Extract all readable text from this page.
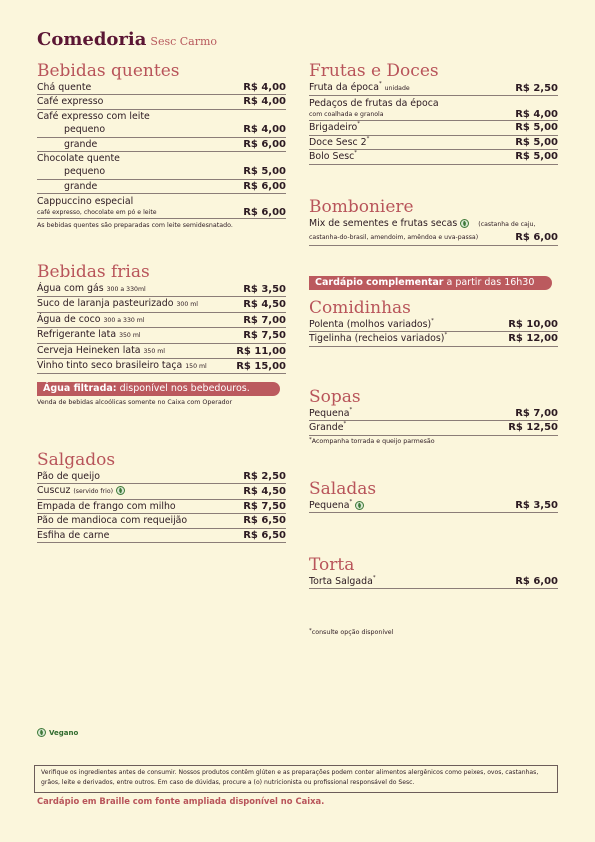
Comedoria Sesc Carmo
Bebidas quentes
Chá quente	R$ 4,00
Café expresso	R$ 4,00
Café expresso com leite
pequeno	R$ 4,00
grande	R$ 6,00
Chocolate quente
pequeno	R$ 5,00
grande	R$ 6,00
Cappuccino especial
café expresso, chocolate em pó e leite	R$ 6,00
As bebidas quentes são preparadas com leite semidesnatado.
Bebidas frias
Água com gás 300 a 330ml	R$ 3,50
Suco de laranja pasteurizado 300 ml	R$ 4,50
Água de coco 300 a 330 ml	R$ 7,00
Refrigerante lata 350 ml	R$ 7,50
Cerveja Heineken lata 350 ml	R$ 11,00
Vinho tinto seco brasileiro taça 150 ml	R$ 15,00
Água filtrada: disponível nos bebedouros.
Venda de bebidas alcoólicas somente no Caixa com Operador
Salgados
Pão de queijo	R$ 2,50
Cuscuz (servido frio)	R$ 4,50
Empada de frango com milho	R$ 7,50
Pão de mandioca com requeijão	R$ 6,50
Esfiha de carne	R$ 6,50
Frutas e Doces
Fruta da época* unidade	R$ 2,50
Pedaços de frutas da época
com coalhada e granola	R$ 4,00
Brigadeiro*	R$ 5,00
Doce Sesc 2*	R$ 5,00
Bolo Sesc*	R$ 5,00
Bomboniere
Mix de sementes e frutas secas	(castanha de caju,
castanha-do-brasil, amendoim, amêndoa e uva-passa)	R$ 6,00
Cardápio complementar a partir das 16h30
Comidinhas
Polenta (molhos variados)*	R$ 10,00
Tigelinha (recheios variados)*	R$ 12,00
Sopas
Pequena*	R$ 7,00
Grande*	R$ 12,50
*Acompanha torrada e queijo parmesão
Saladas
Pequena*	R$ 3,50
Torta
Torta Salgada*	R$ 6,00
*consulte opção disponível
Vegano
Verifique os ingredientes antes de consumir. Nossos produtos contêm glúten e as preparações podem conter alimentos alergênicos como peixes, ovos, castanhas, grãos, leite e derivados, entre outros. Em caso de dúvidas, procure a (o) nutricionista ou profissional responsável do Sesc.
Cardápio em Braille com fonte ampliada disponível no Caixa.
